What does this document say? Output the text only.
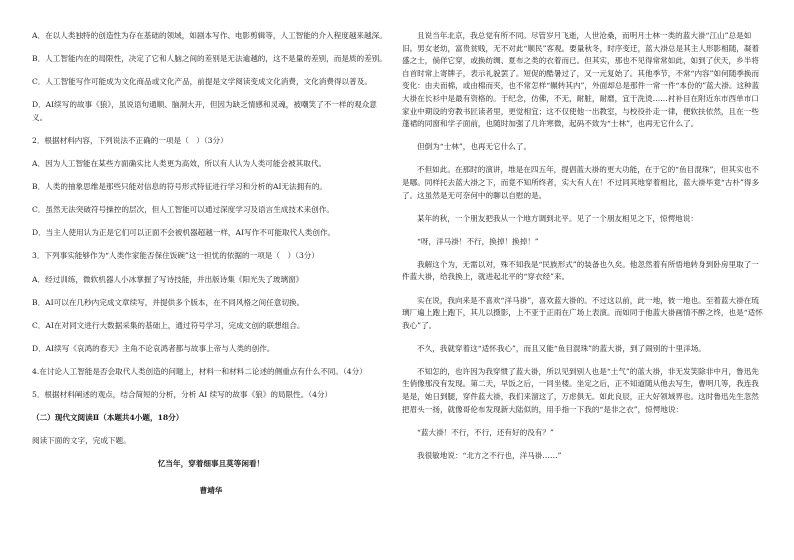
A．在以人类独特的创造性为存在基础的领域，如剧本写作、电影剪辑等，人工智能的介入程度越来越深。

B．人工智能内在的局限性，决定了它和人脑之间的差别是无法逾越的，这不是量的差别，而是质的差别。

C．人工智能写作可能成为文化商品或文化产品，前提是文学阅读变成文化消费，文化消费得以普及。

D．AI续写的故事《狼》，虽说语句通顺、脑洞大开，但因为缺乏情感和灵魂，被嘲笑了不一样的观众意义。

2．根据材料内容，下列说法不正确的一项是（　）（3分）

A．因为人工智能在某些方面确实比人类更为高效，所以有人认为人类可能会被其取代。

B．人类的抽象思维是那些只能对信息的符号形式特征进行学习和分析的AI无法拥有的。

C．虽然无法突破符号操控的层次，但人工智能可以通过深度学习及语言生成技术来创作。

D．当主人使用认为正是它们可以正面不会被机器超越一样，AI写作不可能取代人类创作。

3．下列事实能够作为“人类作家能否保住饭碗”这一担忧的依据的一项是（　）（3分）

A．经过训练，微软机器人小冰掌握了写诗技能，并出版诗集《阳光失了玻璃窗》

B．AI可以在几秒内完成文章续写，并提供多个版本，在不同风格之间任意切换。

C．AI在对同文进行大数据采集的基础上，通过符号学习，完成文创的联想组合。

D．AI续写《哀鸿的春天》主角不论哀鸿者都与故事上帝与人类的创作。

4.在讨论人工智能是否会取代人类创造的问题上，材料一和材料二论述的侧重点有什么不同。（4分）

5．根据材料阐述的观点，结合简短的分析，分析 AI 续写的故事《狼》的局限性。（4分）

（二）现代文阅读Ⅱ（本题共4小题，18分）

阅读下面的文字，完成下题。

忆当年，穿着细事且莫等闲看！

曹靖华

且说当年北京，我总觉有所不同。尽管岁月飞逝，人世沧桑，而明月士林一类的蓝大褂“江山”总是如旧。男女老幼，富贵贫贱，无不对此“顺民”客观。要量秋冬，时序变迁，蓝大褂总是其主人形影相随，凝着盛之士，倘佯它穿，或换纺绸、夏布之类的衣着而已。但其实，那也不见得常常如此，如到了伏天，乡半将自首时常上寄牌子，表示礼貌罢了。短促的酷暑过了，又一元复始了。其他季节，不常“内容”如何随季换而变化：由夫而棉，或由棉而夹，也不常怎样“辗转其内”，外面却总是那件一常一件“本份的”蓝大褂。这种蓝大褂在长衫中是最有资格的。于纪念，仿佛，不无，耐脏，耐磨，宜于洗烫……衬补目在附近东市西单市口家业中期设的穷教书匠读者里，更觉相宜；这不仅使他一出教室，与校役扑走一律，便软扶依然，且在一些蓬裙的同窗和学子面前，也随时加强了几许寒微，起码不致为“士林”，也再无它什么了。

但倒为“士林”，也再无它什么了。

不但如此。在那时的演讲，堆是在四五年，提倡蓝大褂的更大功能，在于它的“鱼目混珠”，但其实也不是哪。同样托去蓝大褂之下，而竟不知所终者，实大有人在！不过同其地穿着相比，蓝大褂毕竟“古朴”得多了。这虽然是无可奈何中的聊以自慰的是。

某年的秋，一个朋友把我从一个地方调到北平。见了一个朋友相见之下，惊愕地说：

“呀，洋马褂！不行，换掉！换掉！”

我解这个为，无需以对，殊不知我是“民族形式”的装备也久矣。他忽然着有所悟地转身到卧房里取了一件蓝大褂，给我换上，就进起北平的“穿衣经”来。

实在说，我向来是不喜欢“洋马褂”，喜欢蓝大褂的。不过这以前，此一地，彼一地也。至着蓝大褂在琉璃厂遍上跑上跑下，其儿以摄影，上不亚于正雨在广场上表演。而如同于他蓝大褂画情不醉之终，也是“适怀我心”了。

不久，我就穿着这“适怀我心”，而且又能“鱼目混珠”的蓝大褂，到了闹别的十里洋场。

不知怎的，也许因为我穿惯了蓝大褂，所以见到别人也是“土气”的蓝大褂，非无发笑除非中月，鲁迅先生俏像那没有发现。第二天，早饭之后，一同坐楼。坐定之后，正不知道随从他去写生，曹明几等，我连我是是，她日到腿，穿件蓝大褂，我们来溜这了，万虑俱无。如此良辰，正大好领域界也。这时鲁迅先生忽然把眉头一扬，就像哥伦布发现新大陆似的，用手指一下我的“是非之衣”，惊愕地说：

“蓝大褂！不行，不行，还有好的没有？”

我很敏地说：“北方之不行也，洋马褂……”
